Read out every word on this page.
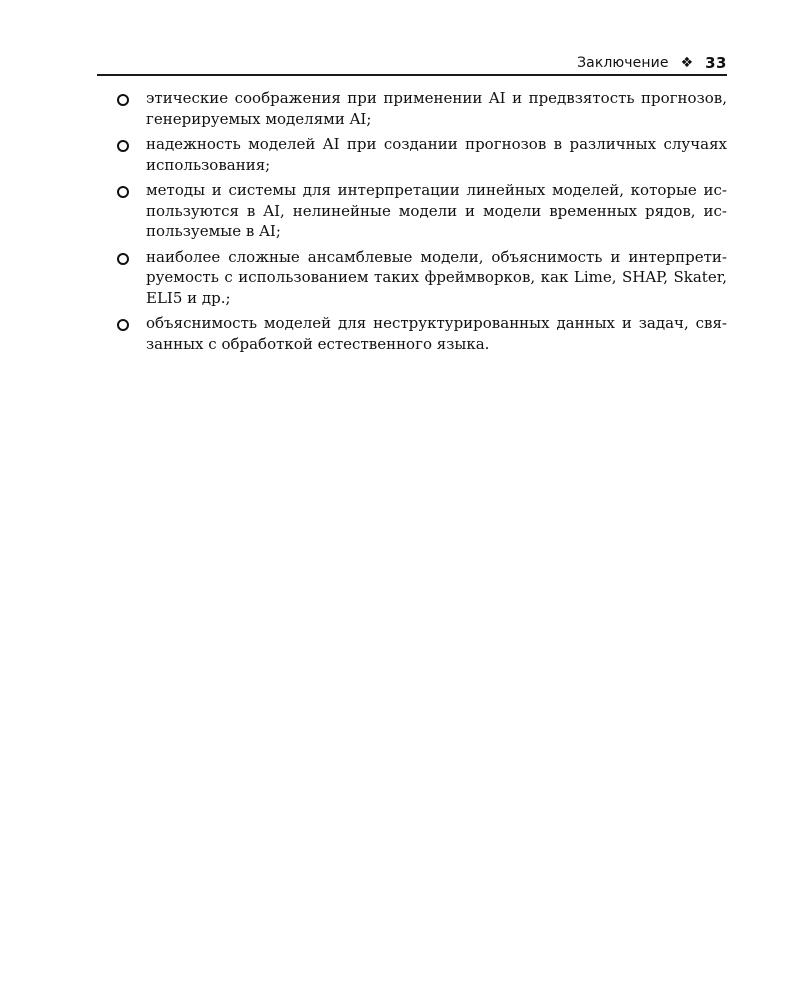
Заключение ❖ 33
этические соображения при применении AI и предвзятость прогнозов, генерируемых моделями AI;
надежность моделей AI при создании прогнозов в различных случаях использования;
методы и системы для интерпретации линейных моделей, которые используются в AI, нелинейные модели и модели временных рядов, используемые в AI;
наиболее сложные ансамблевые модели, объяснимость и интерпретируемость с использованием таких фреймворков, как Lime, SHAP, Skater, ELI5 и др.;
объяснимость моделей для неструктурированных данных и задач, связанных с обработкой естественного языка.
